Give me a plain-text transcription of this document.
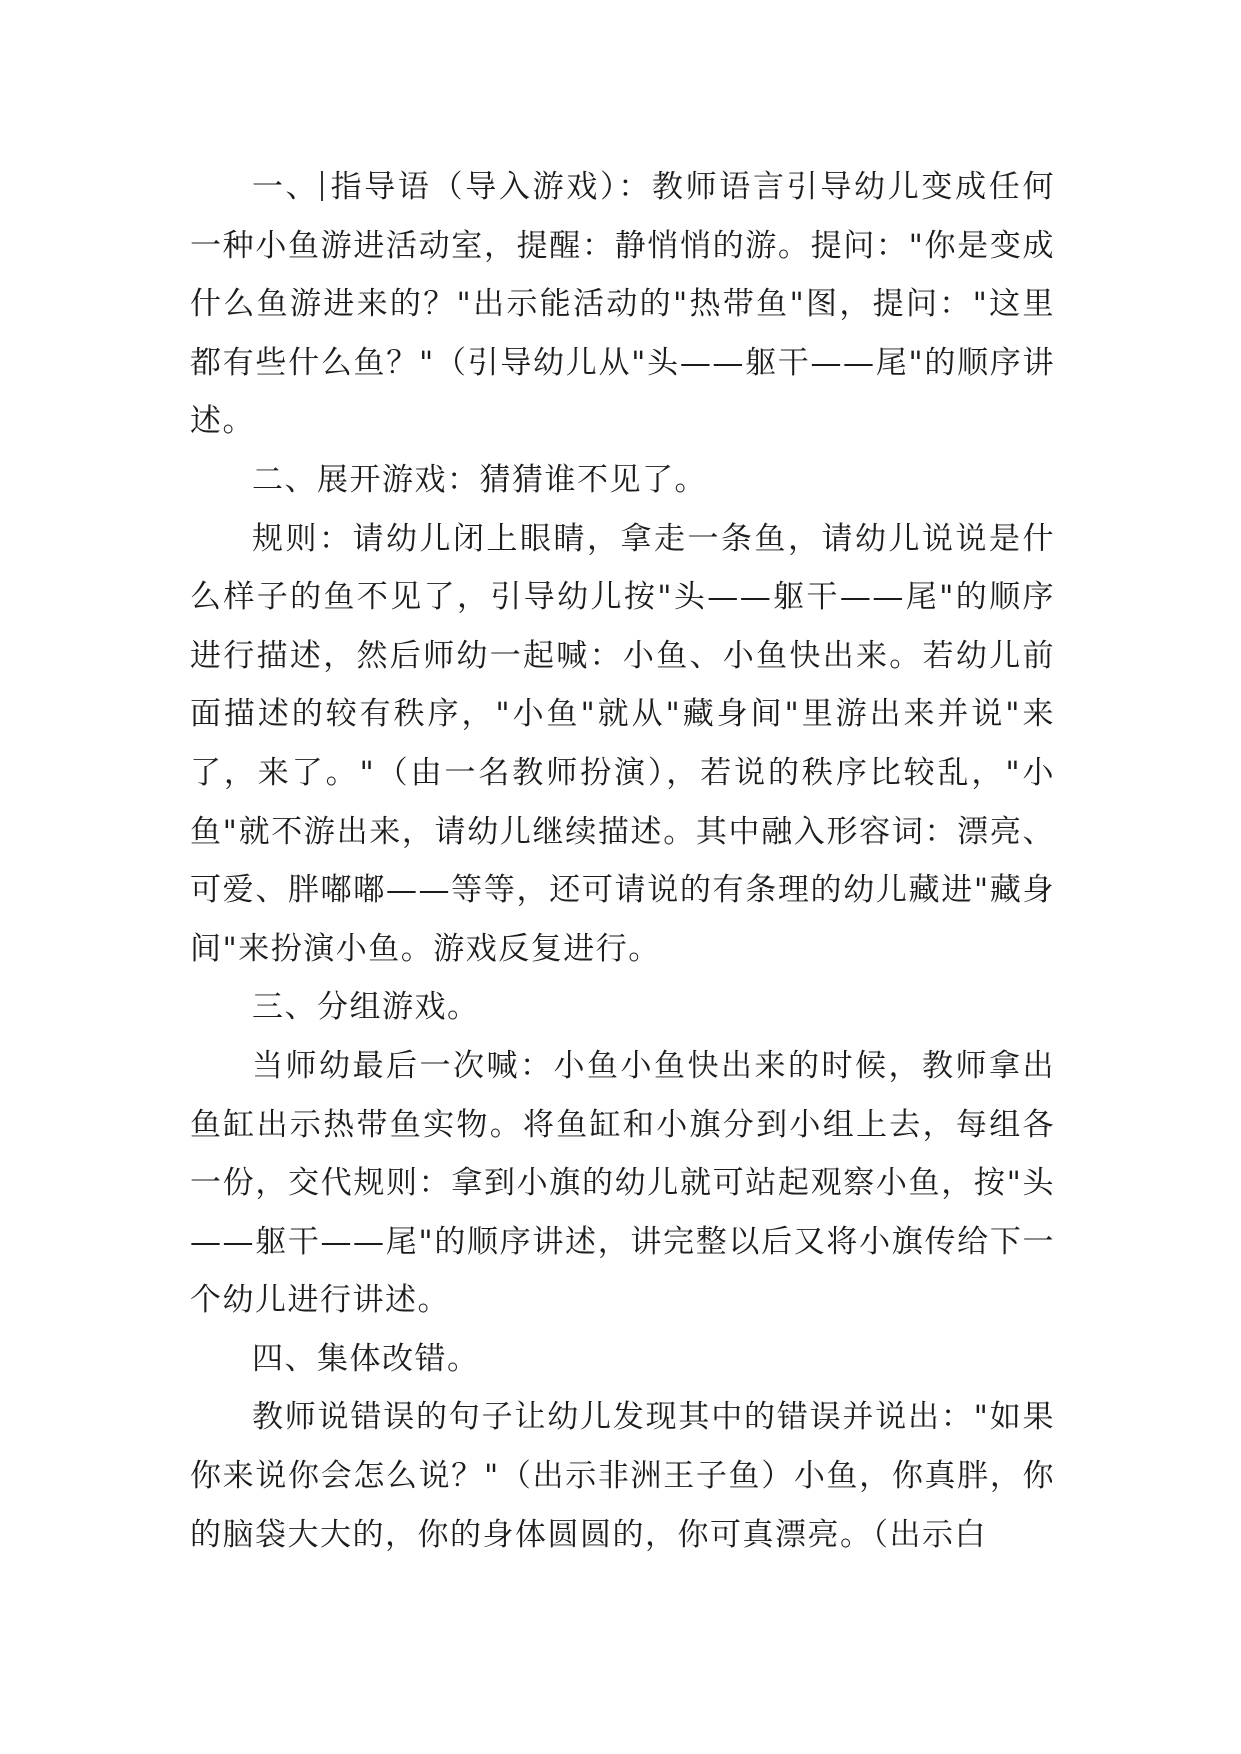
一、 指导语（导入游戏）：教师语言引导幼儿变成任何一种小鱼游进活动室，提醒：静悄悄的游。提问："你是变成什么鱼游进来的？"出示能活动的"热带鱼"图，提问："这里都有些什么鱼？"（引导幼儿从"头——躯干——尾"的顺序讲述。

二、展开游戏：猜猜谁不见了。

规则：请幼儿闭上眼睛，拿走一条鱼，请幼儿说说是什么样子的鱼不见了，引导幼儿按"头——躯干——尾"的顺序进行描述，然后师幼一起喊：小鱼、小鱼快出来。若幼儿前面描述的较有秩序，"小鱼"就从"藏身间"里游出来并说"来了，来了。"（由一名教师扮演），若说的秩序比较乱，"小鱼"就不游出来，请幼儿继续描述。其中融入形容词：漂亮、可爱、胖嘟嘟——等等，还可请说的有条理的幼儿藏进"藏身间"来扮演小鱼。游戏反复进行。

三、分组游戏。

当师幼最后一次喊：小鱼小鱼快出来的时候，教师拿出鱼缸出示热带鱼实物。将鱼缸和小旗分到小组上去，每组各一份，交代规则：拿到小旗的幼儿就可站起观察小鱼，按"头——躯干——尾"的顺序讲述，讲完整以后又将小旗传给下一个幼儿进行讲述。

四、集体改错。

教师说错误的句子让幼儿发现其中的错误并说出："如果你来说你会怎么说？"（出示非洲王子鱼）小鱼，你真胖，你的脑袋大大的，你的身体圆圆的，你可真漂亮。（出示白
